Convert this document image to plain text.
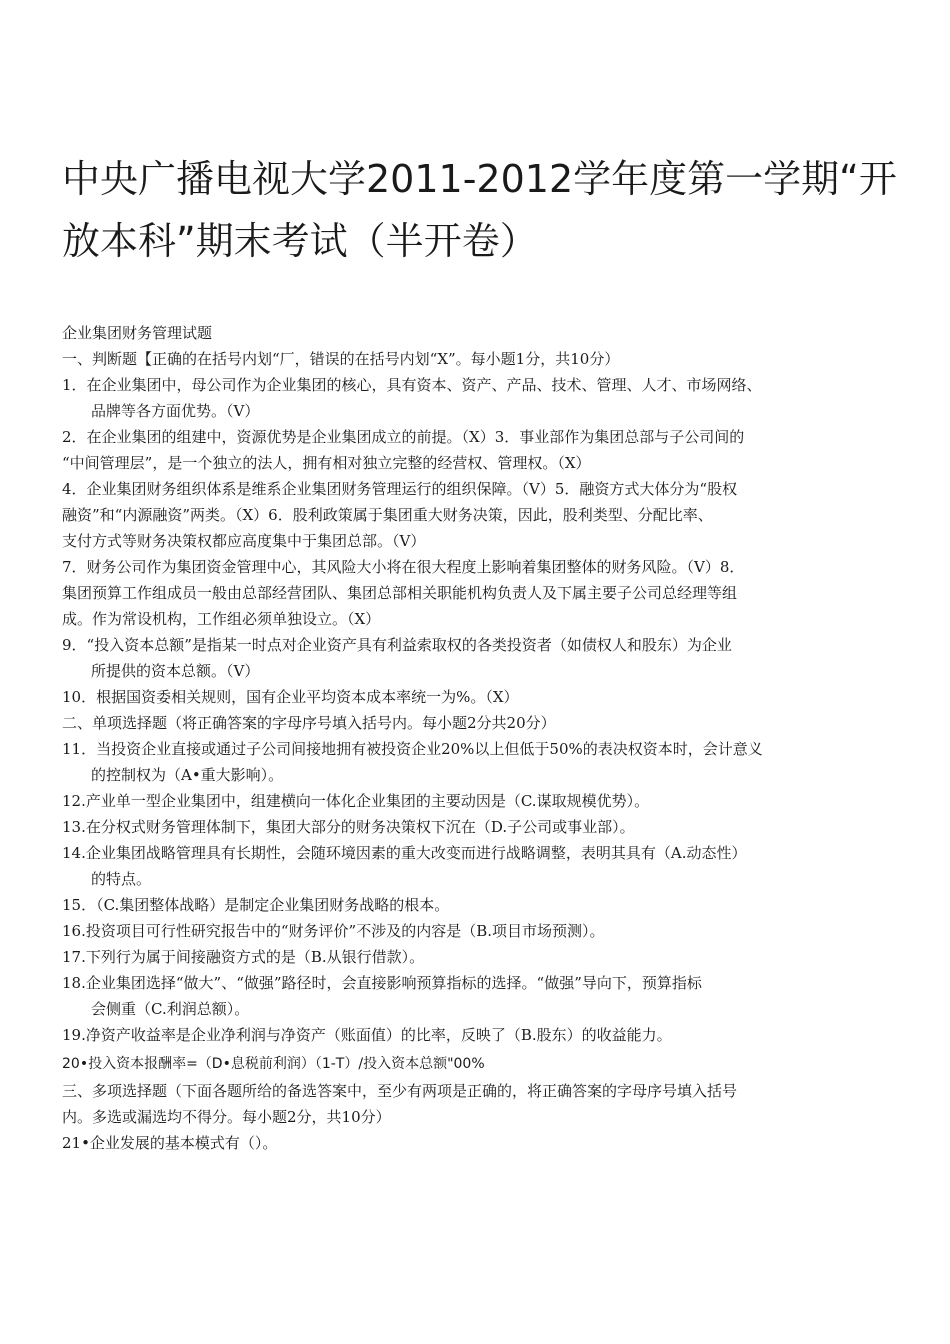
中央广播电视大学2011-2012学年度第一学期“开
放本科”期末考试（半开卷）
企业集团财务管理试题
一、判断题【正确的在括号内划“厂，错误的在括号内划“X”。每小题1分，共10分）
1．在企业集团中，母公司作为企业集团的核心，具有资本、资产、产品、技术、管理、人才、市场网络、
品牌等各方面优势。（V）
2．在企业集团的组建中，资源优势是企业集团成立的前提。（X）3．事业部作为集团总部与子公司间的
“中间管理层”，是一个独立的法人，拥有相对独立完整的经营权、管理权。（X）
4．企业集团财务组织体系是维系企业集团财务管理运行的组织保障。（V）5．融资方式大体分为“股权
融资”和“内源融资”两类。（X）6．股利政策属于集团重大财务决策，因此，股利类型、分配比率、
支付方式等财务决策权都应高度集中于集团总部。（V）
7．财务公司作为集团资金管理中心，其风险大小将在很大程度上影响着集团整体的财务风险。（V）8．
集团预算工作组成员一般由总部经营团队、集团总部相关职能机构负责人及下属主要子公司总经理等组
成。作为常设机构，工作组必须单独设立。（X）
9．“投入资本总额”是指某一时点对企业资产具有利益索取权的各类投资者（如债权人和股东）为企业
所提供的资本总额。（V）
10．根据国资委相关规则，国有企业平均资本成本率统一为%。（X）
二、单项选择题（将正确答案的字母序号填入括号内。每小题2分共20分）
11．当投资企业直接或通过子公司间接地拥有被投资企业20%以上但低于50%的表决权资本时，会计意义
的控制权为（A•重大影响）。
12.产业单一型企业集团中，组建横向一体化企业集团的主要动因是（C.谋取规模优势）。
13.在分权式财务管理体制下，集团大部分的财务决策权下沉在（D.子公司或事业部）。
14.企业集团战略管理具有长期性，会随环境因素的重大改变而进行战略调整，表明其具有（A.动态性）
的特点。
15．（C.集团整体战略）是制定企业集团财务战略的根本。
16.投资项目可行性研究报告中的“财务评价”不涉及的内容是（B.项目市场预测）。
17.下列行为属于间接融资方式的是（B.从银行借款）。
18.企业集团选择“做大”、“做强”路径时，会直接影响预算指标的选择。“做强”导向下，预算指标
会侧重（C.利润总额）。
19.净资产收益率是企业净利润与净资产（账面值）的比率，反映了（B.股东）的收益能力。
20•投入资本报酬率=（D•息税前利润）（1-T）/投入资本总额"00%
三、多项选择题（下面各题所给的备选答案中，至少有两项是正确的，将正确答案的字母序号填入括号
内。多选或漏选均不得分。每小题2分，共10分）
21•企业发展的基本模式有（）。
